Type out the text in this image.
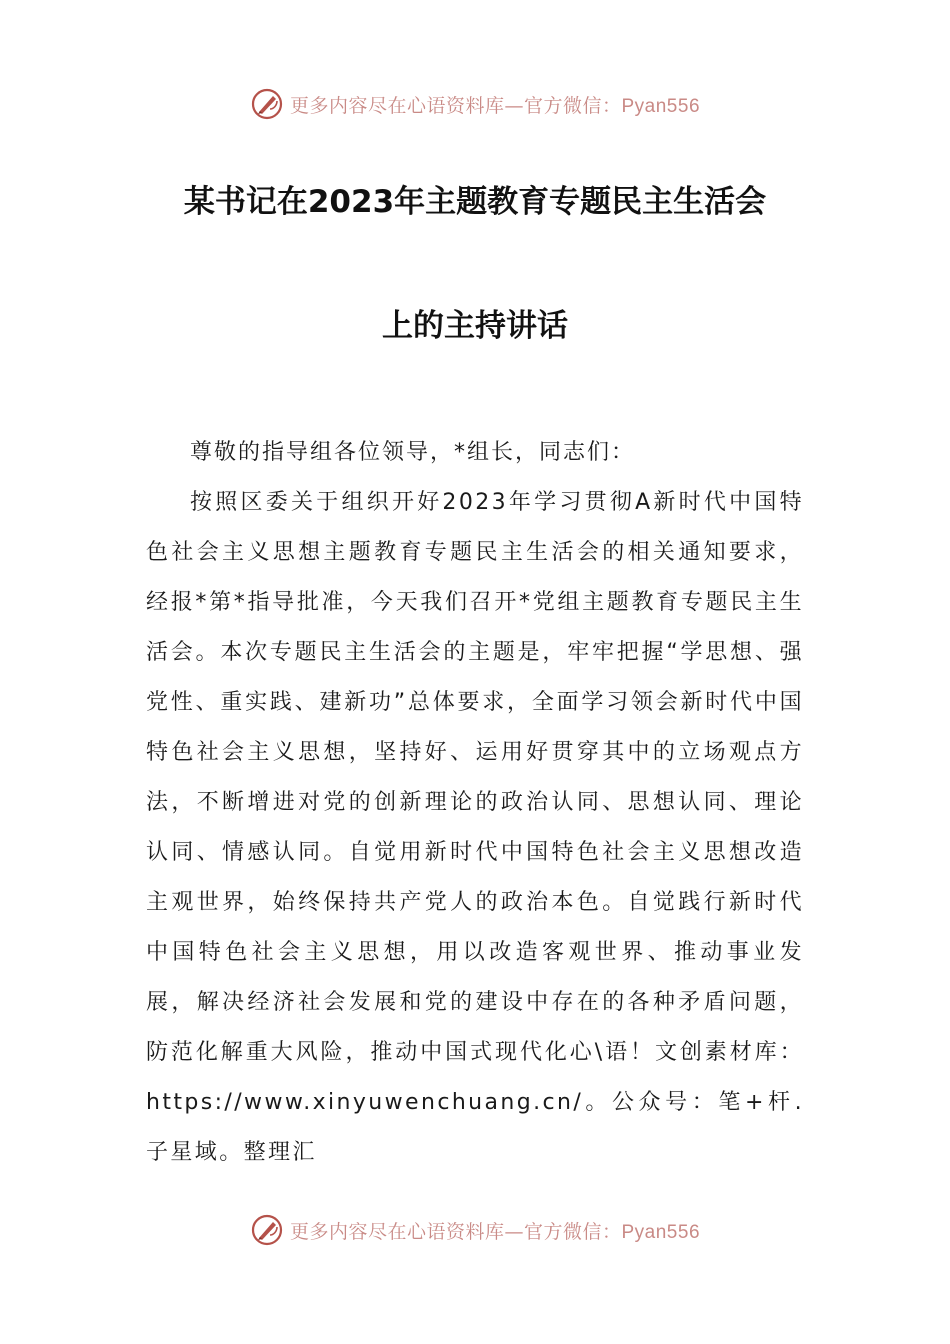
更多内容尽在心语资料库—官方微信：Pyan556
某书记在2023年主题教育专题民主生活会
上的主持讲话

尊敬的指导组各位领导，*组长，同志们：

按照区委关于组织开好2023年学习贯彻A新时代中国特色社会主义思想主题教育专题民主生活会的相关通知要求，经报*第*指导批准，今天我们召开*党组主题教育专题民主生活会。本次专题民主生活会的主题是，牢牢把握“学思想、强党性、重实践、建新功”总体要求，全面学习领会新时代中国特色社会主义思想，坚持好、运用好贯穿其中的立场观点方法，不断增进对党的创新理论的政治认同、思想认同、理论认同、情感认同。自觉用新时代中国特色社会主义思想改造主观世界，始终保持共产党人的政治本色。自觉践行新时代中国特色社会主义思想，用以改造客观世界、推动事业发展，解决经济社会发展和党的建设中存在的各种矛盾问题，防范化解重大风险，推动中国式现代化心\语！文创素材库：https://www.xinyuwenchuang.cn/。公众号：笔+杆.子星域。整理汇

更多内容尽在心语资料库—官方微信：Pyan556
